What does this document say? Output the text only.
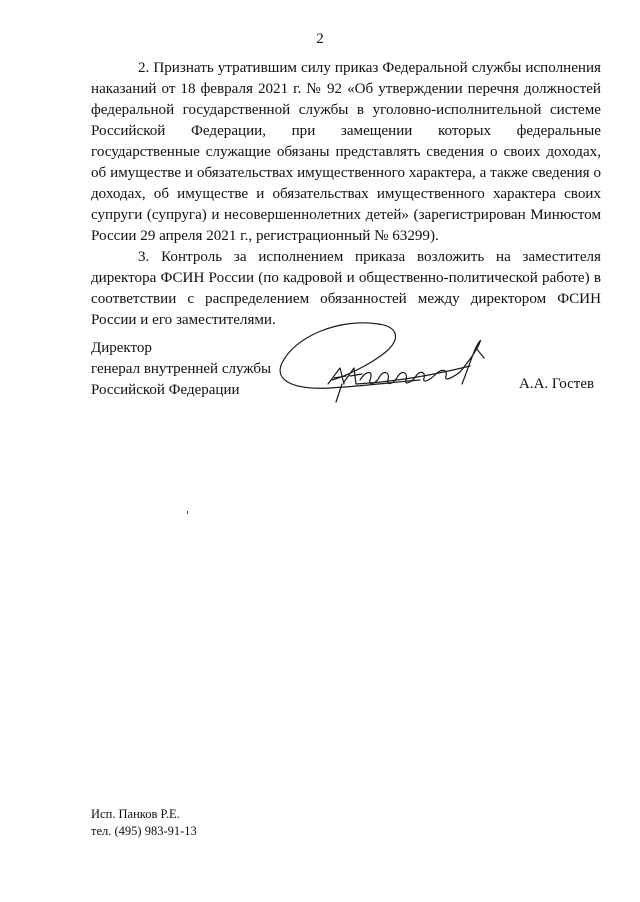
2

2. Признать утратившим силу приказ Федеральной службы исполнения наказаний от 18 февраля 2021 г. № 92 «Об утверждении перечня должностей федеральной государственной службы в уголовно-исполнительной системе Российской Федерации, при замещении которых федеральные государственные служащие обязаны представлять сведения о своих доходах, об имуществе и обязательствах имущественного характера, а также сведения о доходах, об имуществе и обязательствах имущественного характера своих супруги (супруга) и несовершеннолетних детей» (зарегистрирован Минюстом России 29 апреля 2021 г., регистрационный № 63299).

3. Контроль за исполнением приказа возложить на заместителя директора ФСИН России (по кадровой и общественно-политической работе) в соответствии с распределением обязанностей между директором ФСИН России и его заместителями.

Директор
генерал внутренней службы
Российской Федерации	А.А. Гостев
Исп. Панков Р.Е.
тел. (495) 983-91-13
